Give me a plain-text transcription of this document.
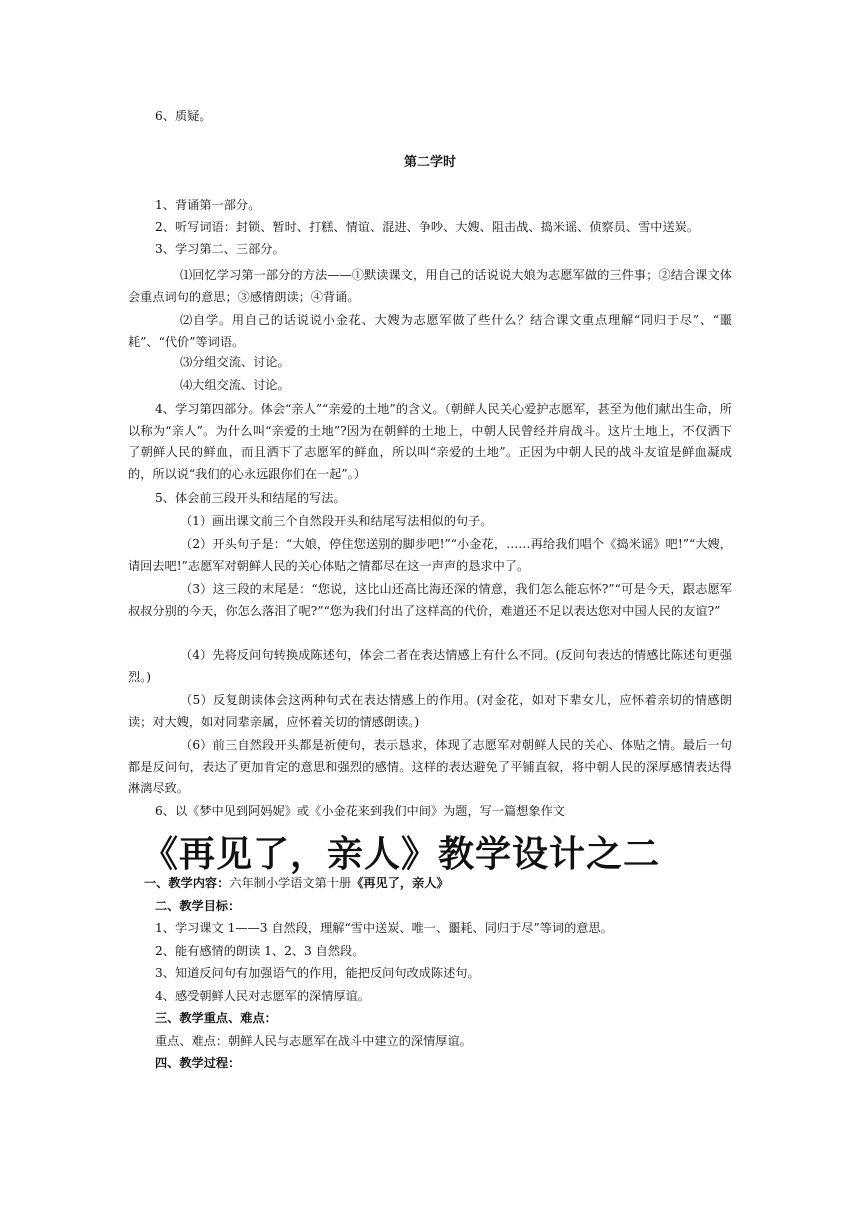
6、质疑。

第二学时

1、背诵第一部分。

2、听写词语：封锁、暂时、打糕、情谊、混进、争吵、大嫂、阻击战、捣米谣、侦察员、雪中送炭。

3、学习第二、三部分。

⑴回忆学习第一部分的方法——①默读课文，用自己的话说说大娘为志愿军做的三件事；②结合课文体会重点词句的意思；③感情朗读；④背诵。

⑵自学。用自己的话说说小金花、大嫂为志愿军做了些什么？结合课文重点理解“同归于尽”、“噩耗”、“代价”等词语。

⑶分组交流、讨论。

⑷大组交流、讨论。

4、学习第四部分。体会“亲人”“亲爱的土地”的含义。（朝鲜人民关心爱护志愿军，甚至为他们献出生命，所以称为“亲人”。为什么叫“亲爱的土地”?因为在朝鲜的土地上，中朝人民曾经并肩战斗。这片土地上，不仅洒下了朝鲜人民的鲜血，而且洒下了志愿军的鲜血，所以叫“亲爱的土地”。正因为中朝人民的战斗友谊是鲜血凝成的，所以说“我们的心永远跟你们在一起”。）

5、体会前三段开头和结尾的写法。

（1）画出课文前三个自然段开头和结尾写法相似的句子。

（2）开头句子是：“大娘，停住您送别的脚步吧!”“小金花，……再给我们唱个《捣米谣》吧!”“大嫂，请回去吧!”志愿军对朝鲜人民的关心体贴之情都尽在这一声声的恳求中了。

（3）这三段的末尾是：“您说，这比山还高比海还深的情意，我们怎么能忘怀?”“可是今天，跟志愿军叔叔分别的今天，你怎么落泪了呢?”“您为我们付出了这样高的代价，难道还不足以表达您对中国人民的友谊?”

（4）先将反问句转换成陈述句，体会二者在表达情感上有什么不同。(反问句表达的情感比陈述句更强烈。)

（5）反复朗读体会这两种句式在表达情感上的作用。(对金花，如对下辈女儿，应怀着亲切的情感朗读；对大嫂，如对同辈亲属，应怀着关切的情感朗读。)

（6）前三自然段开头都是祈使句，表示恳求，体现了志愿军对朝鲜人民的关心、体贴之情。最后一句都是反问句，表达了更加肯定的意思和强烈的感情。这样的表达避免了平铺直叙，将中朝人民的深厚感情表达得淋漓尽致。

6、以《梦中见到阿妈妮》或《小金花来到我们中间》为题，写一篇想象作文

《再见了，亲人》教学设计之二

一、教学内容：六年制小学语文第十册《再见了，亲人》

二、教学目标：

1、学习课文 1——3 自然段，理解“雪中送炭、唯一、噩耗、同归于尽”等词的意思。

2、能有感情的朗读 1、2、3 自然段。

3、知道反问句有加强语气的作用，能把反问句改成陈述句。

4、感受朝鲜人民对志愿军的深情厚谊。

三、教学重点、难点：

重点、难点：朝鲜人民与志愿军在战斗中建立的深情厚谊。

四、教学过程：
